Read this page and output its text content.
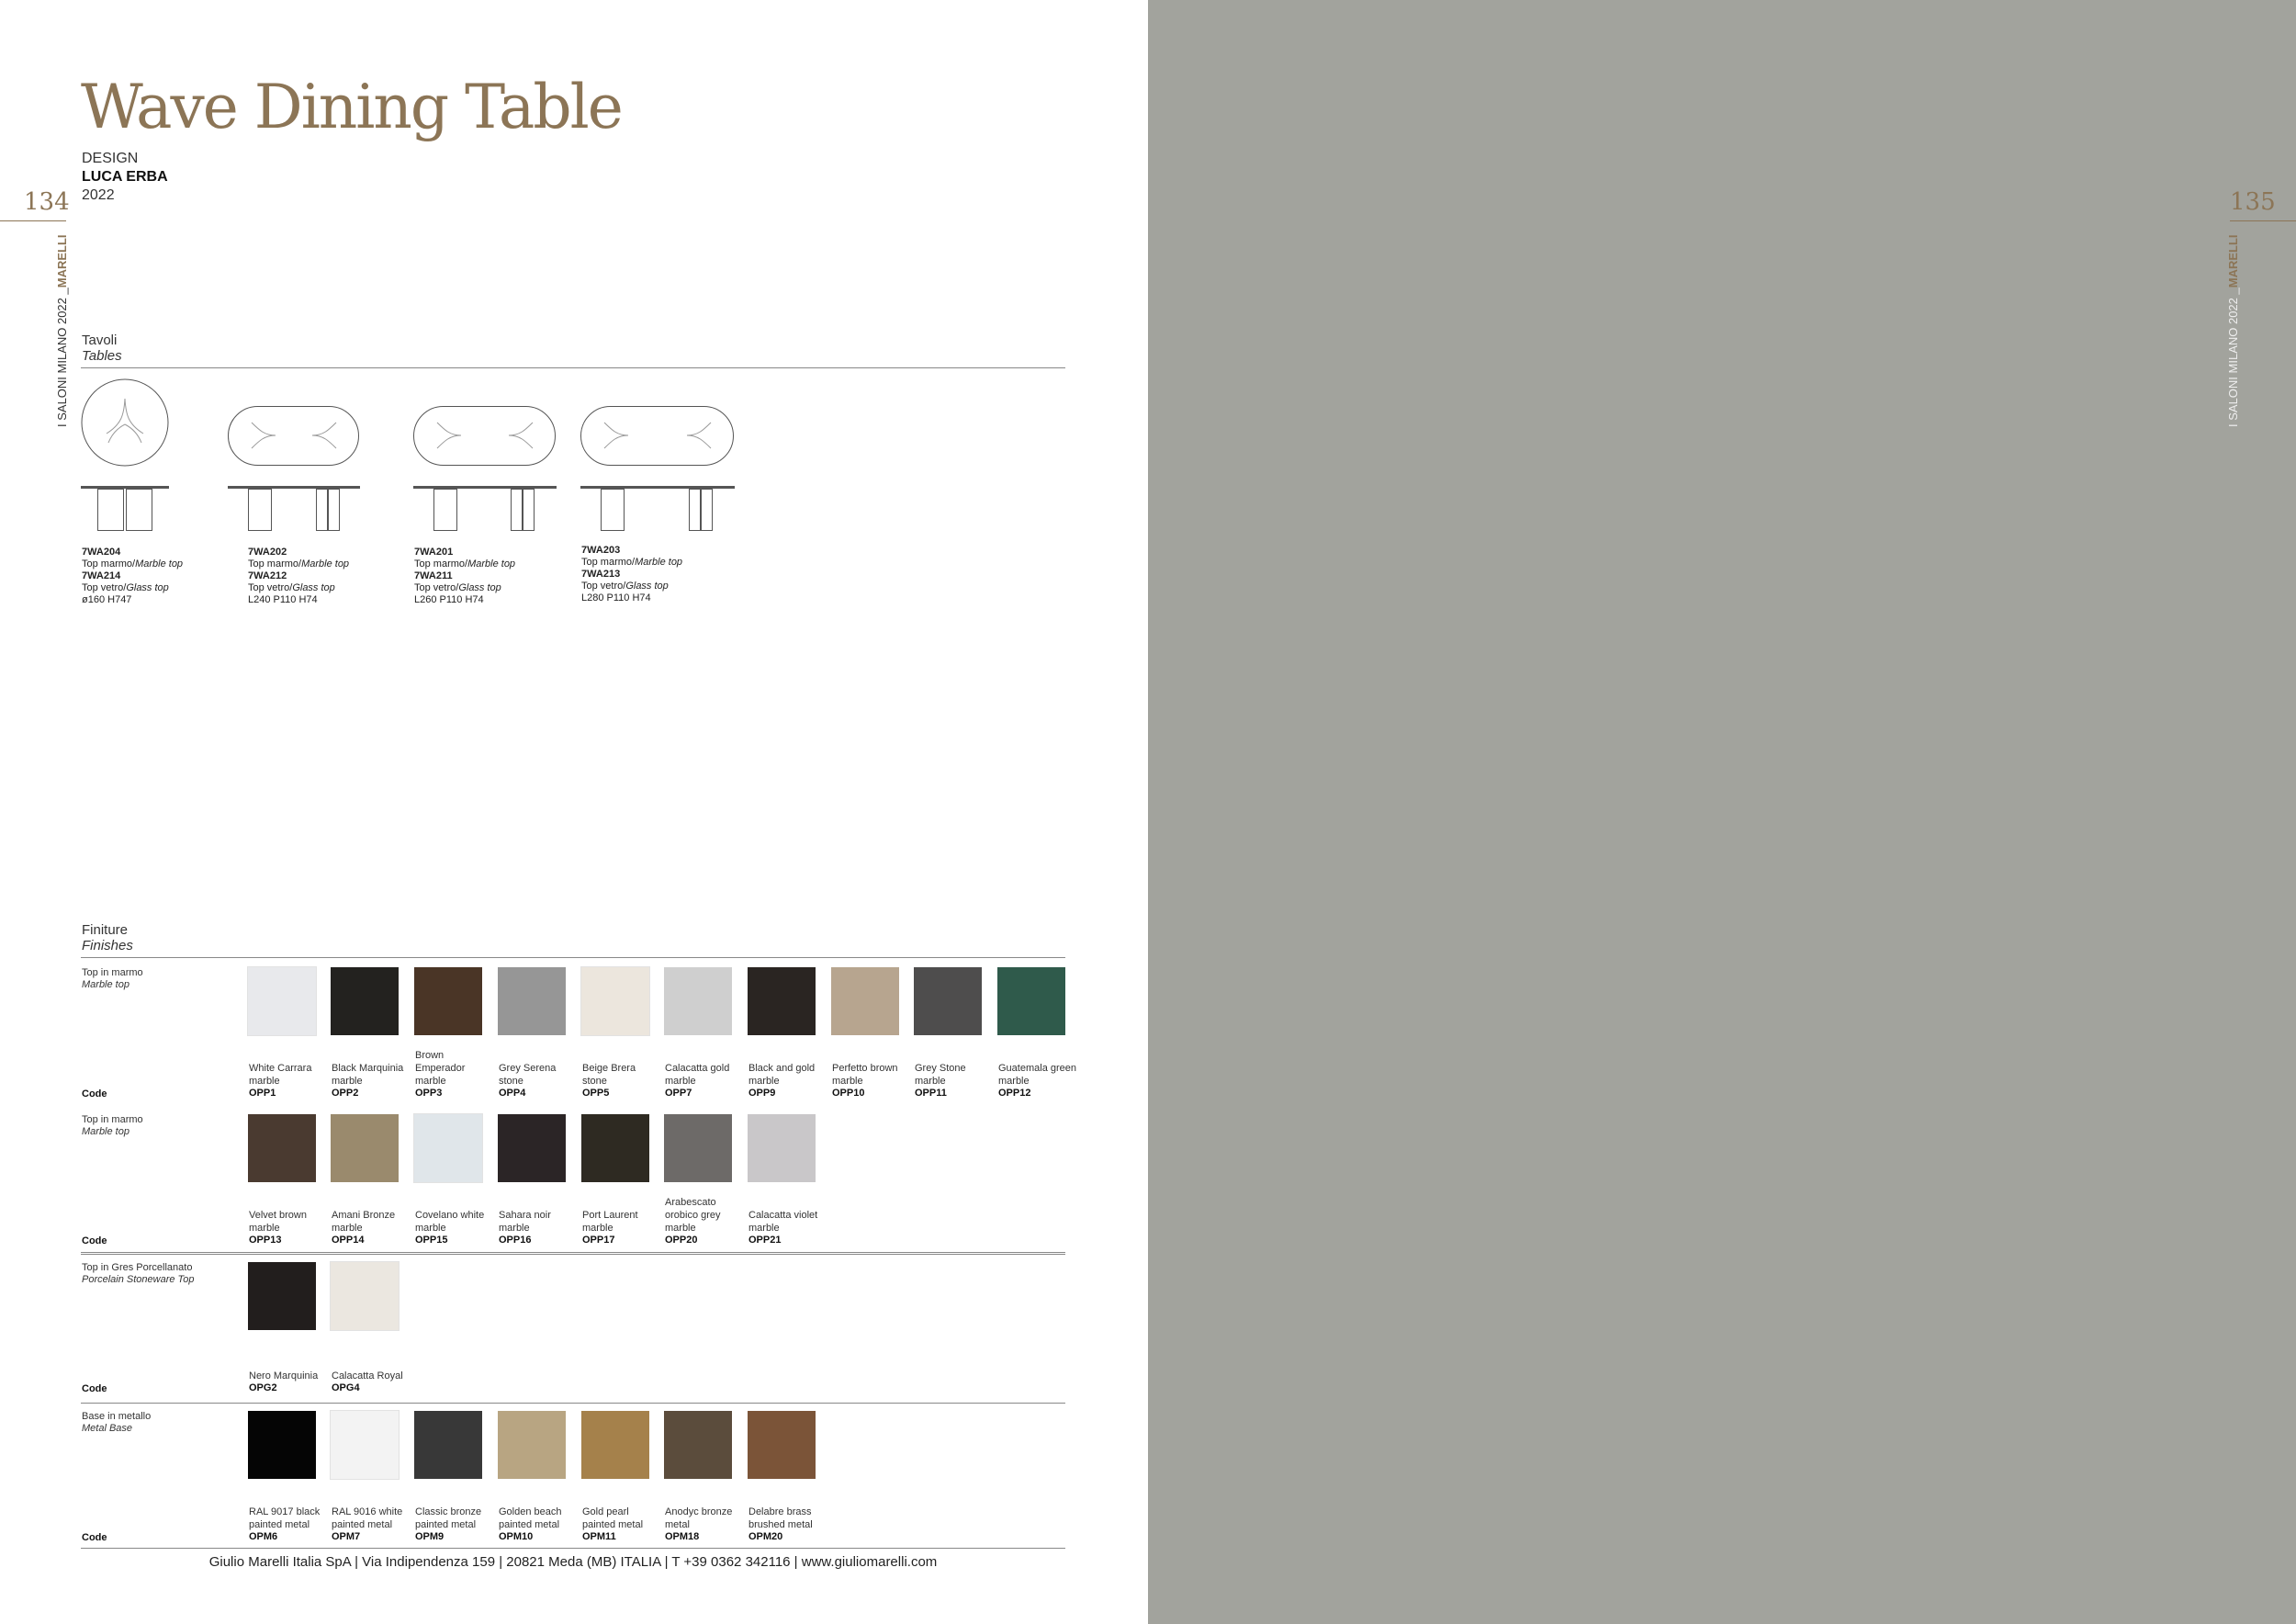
Wave Dining Table
DESIGN
LUCA ERBA
2022
134
I SALONI MILANO 2022 _MARELLI
135
I SALONI MILANO 2022 _MARELLI
Tavoli
Tables
7WA204
Top marmo/Marble top
7WA214
Top vetro/Glass top
ø160 H747
7WA202
Top marmo/Marble top
7WA212
Top vetro/Glass top
L240 P110 H74
7WA201
Top marmo/Marble top
7WA211
Top vetro/Glass top
L260 P110 H74
7WA203
Top marmo/Marble top
7WA213
Top vetro/Glass top
L280 P110 H74
Finiture
Finishes
Top in marmo
Marble top
Code
White Carrara marble
OPP1
Black Marquinia marble
OPP2
Brown Emperador marble
OPP3
Grey Serena stone
OPP4
Beige Brera stone
OPP5
Calacatta gold marble
OPP7
Black and gold marble
OPP9
Perfetto brown marble
OPP10
Grey Stone marble
OPP11
Guatemala green marble
OPP12
Top in marmo
Marble top
Code
Velvet brown marble
OPP13
Amani Bronze marble
OPP14
Covelano white marble
OPP15
Sahara noir marble
OPP16
Port Laurent marble
OPP17
Arabescato orobico grey marble
OPP20
Calacatta violet marble
OPP21
Top in Gres Porcellanato
Porcelain Stoneware Top
Code
Nero Marquinia
OPG2
Calacatta Royal
OPG4
Base in metallo
Metal Base
Code
RAL 9017 black painted metal
OPM6
RAL 9016 white painted metal
OPM7
Classic bronze painted metal
OPM9
Golden beach painted metal
OPM10
Gold pearl painted metal
OPM11
Anodyc bronze metal
OPM18
Delabre brass brushed metal
OPM20
Giulio Marelli Italia SpA | Via Indipendenza 159 | 20821 Meda (MB) ITALIA | T +39 0362 342116 | www.giuliomarelli.com
